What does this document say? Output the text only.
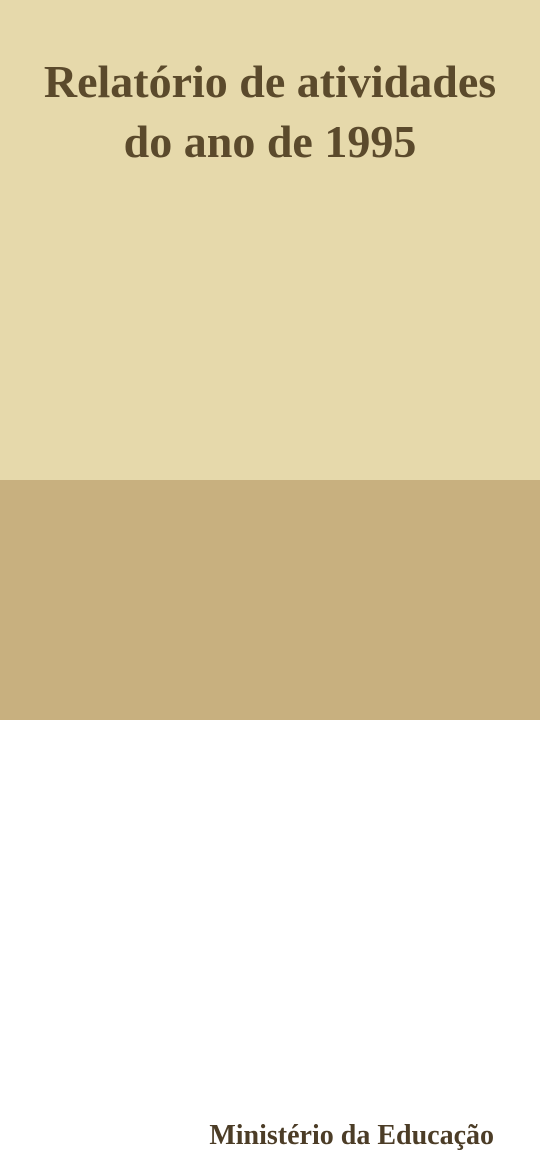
Relatório de atividades do ano de 1995
Ministério da Educação
